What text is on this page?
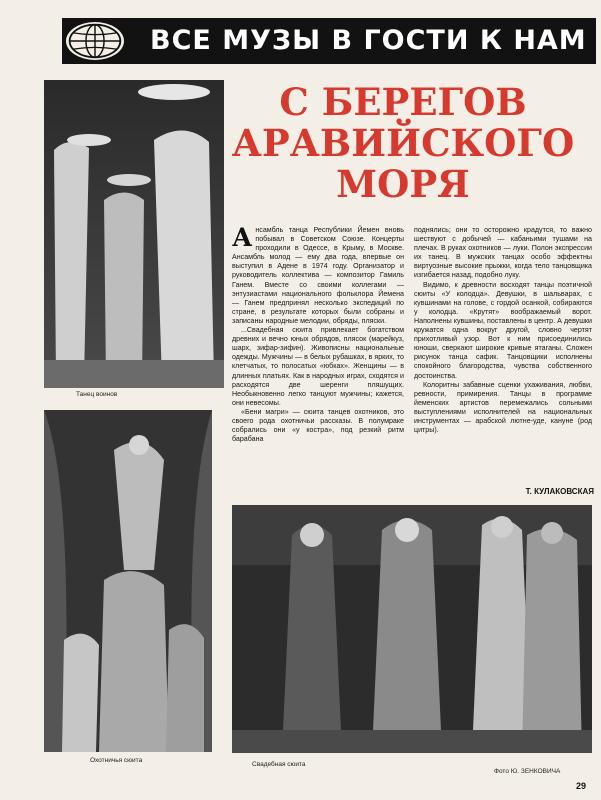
ВСЕ МУЗЫ В ГОСТИ К НАМ
С БЕРЕГОВ
АРАВИЙСКОГО
МОРЯ
Танец воинов
Охотничья сюита
Свадебная сюита

Ансамбль танца Республики Йемен вновь побывал в Советском Союзе. Концерты проходили в Одессе, в Крыму, в Москве. Ансамбль молод — ему два года, впервые он выступил в Адене в 1974 году. Организатор и руководитель коллектива — композитор Гамиль Ганем. Вместе со своими коллегами — энтузиастами национального фольклора Йемена — Ганем предпринял несколько экспедиций по стране, в результате которых были собраны и записаны народные мелодии, обряды, пляски.

...Свадебная сюита привлекает богатством древних и вечно юных обрядов, плясок (марейкуз, шарх, зифар-зифин). Живописны национальные одежды. Мужчины — в белых рубашках, в ярких, то клетчатых, то полосатых «юбках». Женщины — в длинных платьях. Как в народных играх, сходятся и расходятся две шеренги пляшущих. Необыкновенно легко танцуют мужчины; кажется, они невесомы.

«Бени магри» — сюита танцев охотников, это своего рода охотничьи рассказы. В полумраке собрались они «у костра», под резкий ритм барабана

поднялись; они то осторожно крадутся, то важно шествуют с добычей — кабаньими тушами на плечах. В руках охотников — луки. Полон экспрессии их танец. В мужских танцах особо эффектны виртуозные высокие прыжки, когда тело танцовщика изгибается назад, подобно луку.

Видимо, к древности восходят танцы поэтичной сюиты «У колодца». Девушки, в шальварах, с кувшинами на голове, с гордой осанкой, собираются у колодца. «Крутят» воображаемый ворот. Наполнены кувшины, поставлены в центр. А девушки кружатся одна вокруг другой, словно чертят прихотливый узор. Вот к ним присоединились юноши, сверкают широкие кривые ятаганы. Сложен рисунок танца сафик. Танцовщики исполнены спокойного благородства, чувства собственного достоинства.

Колоритны забавные сценки ухаживания, любви, ревности, примирения. Танцы в программе йеменских артистов перемежались сольными выступлениями исполнителей на национальных инструментах — арабской лютне-уде, кануне (род цитры).

Т. КУЛАКОВСКАЯ
Фото Ю. ЗЕНКОВИЧА
29
